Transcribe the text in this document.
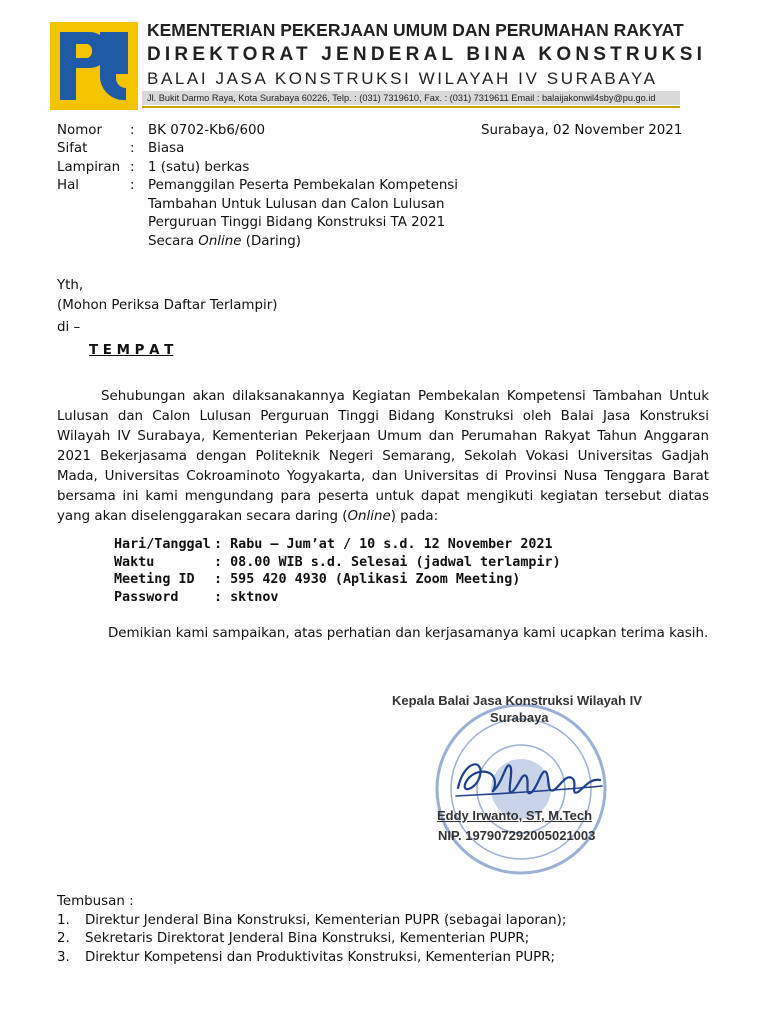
KEMENTERIAN PEKERJAAN UMUM DAN PERUMAHAN RAKYAT
DIREKTORAT JENDERAL BINA KONSTRUKSI
BALAI JASA KONSTRUKSI WILAYAH IV SURABAYA
Jl. Bukit Darmo Raya, Kota Surabaya 60226, Telp. : (031) 7319610, Fax. : (031) 7319611 Email : balaijakonwil4sby@pu.go.id
Nomor : BK 0702-Kb6/600	Surabaya, 02 November 2021
Sifat	: Biasa
Lampiran : 1 (satu) berkas
Hal	: Pemanggilan Peserta Pembekalan Kompetensi
Tambahan Untuk Lulusan dan Calon Lulusan
Perguruan Tinggi Bidang Konstruksi TA 2021
Secara Online (Daring)
Yth,
(Mohon Periksa Daftar Terlampir)
di –
T E M P A T

Sehubungan akan dilaksanakannya Kegiatan Pembekalan Kompetensi Tambahan Untuk Lulusan dan Calon Lulusan Perguruan Tinggi Bidang Konstruksi oleh Balai Jasa Konstruksi Wilayah IV Surabaya, Kementerian Pekerjaan Umum dan Perumahan Rakyat Tahun Anggaran 2021 Bekerjasama dengan Politeknik Negeri Semarang, Sekolah Vokasi Universitas Gadjah Mada, Universitas Cokroaminoto Yogyakarta, dan Universitas di Provinsi Nusa Tenggara Barat bersama ini kami mengundang para peserta untuk dapat mengikuti kegiatan tersebut diatas yang akan diselenggarakan secara daring (Online) pada:

Hari/Tanggal : Rabu – Jum’at / 10 s.d. 12 November 2021
Waktu	: 08.00 WIB s.d. Selesai (jadwal terlampir)
Meeting ID	: 595 420 4930 (Aplikasi Zoom Meeting)
Password	: sktnov
Demikian kami sampaikan, atas perhatian dan kerjasamanya kami ucapkan terima kasih.
Kepala Balai Jasa Konstruksi Wilayah IV
Surabaya
Eddy Irwanto, ST, M.Tech
NIP. 197907292005021003
Tembusan :
1. Direktur Jenderal Bina Konstruksi, Kementerian PUPR (sebagai laporan);
2. Sekretaris Direktorat Jenderal Bina Konstruksi, Kementerian PUPR;
3. Direktur Kompetensi dan Produktivitas Konstruksi, Kementerian PUPR;
